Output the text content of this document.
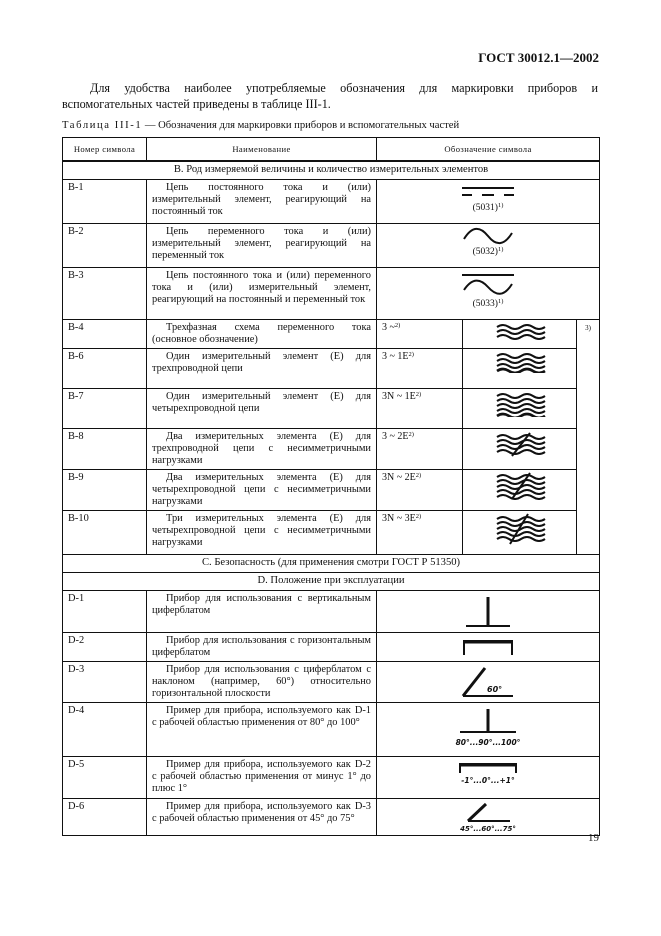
ГОСТ 30012.1—2002
Для удобства наиболее употребляемые обозначения для маркировки приборов и вспомогательных частей приведены в таблице III-1.
Таблица III-1 — Обозначения для маркировки приборов и вспомогательных частей
Номер символа	Наименование	Обозначение символа		
B. Род измеряемой величины и количество измерительных элементов				
B-1	Цепь постоянного тока и (или) измерительный элемент, реагирующий на постоянный ток	$(5031)^{1)}$
B-2	Цепь переменного тока и (или) измерительный элемент, реагирующий на переменный ток	$(5032)^{1)}$
B-3	Цепь постоянного тока и (или) переменного тока и (или) измерительный элемент, реагирующий на постоянный и переменный ток	$(5033)^{1)}$
B-4	Трехфазная схема переменного тока (основное обозначение)	3 ~$^{2)}$		3)
B-6	Один измерительный элемент (Е) для трехпроводной цепи	3 ~ $1Е^{2)}$	

B-7	Один измерительный элемент (Е) для четырехпроводной цепи	3N ~ $1Е^{2)}$	

B-8	Два измерительных элемента (Е) для трехпроводной цепи с несимметричными нагрузками	3 ~ $2Е^{2)}$	

B-9	Два измерительных элемента (Е) для четырехпроводной цепи с несимметричными нагрузками	3N ~ $2Е^{2)}$	

B-10	Три измерительных элемента (Е) для четырехпроводной цепи с несимметричными нагрузками	3N ~ $3Е^{2)}$	

C. Безопасность (для применения смотри ГОСТ Р 51350)				
D. Положение при эксплуатации				
D-1	Прибор для использования с вертикальным циферблатом	

D-2	Прибор для использования с горизонтальным циферблатом	

D-3	Прибор для использования с циферблатом с наклоном (например, 60°) относительно горизонтальной плоскости	60°		

D-4	Пример для прибора, используемого как D-1 с рабочей областью применения от 80° до 100°	80°...90°...100°		

D-5	Пример для прибора, используемого как D-2 с рабочей областью применения от минус 1° до плюс 1°	-1°...0°...+1°		

D-6	Пример для прибора, используемого как D-3 с рабочей областью применения от 45° до 75°	45°...60°...75°		
19
